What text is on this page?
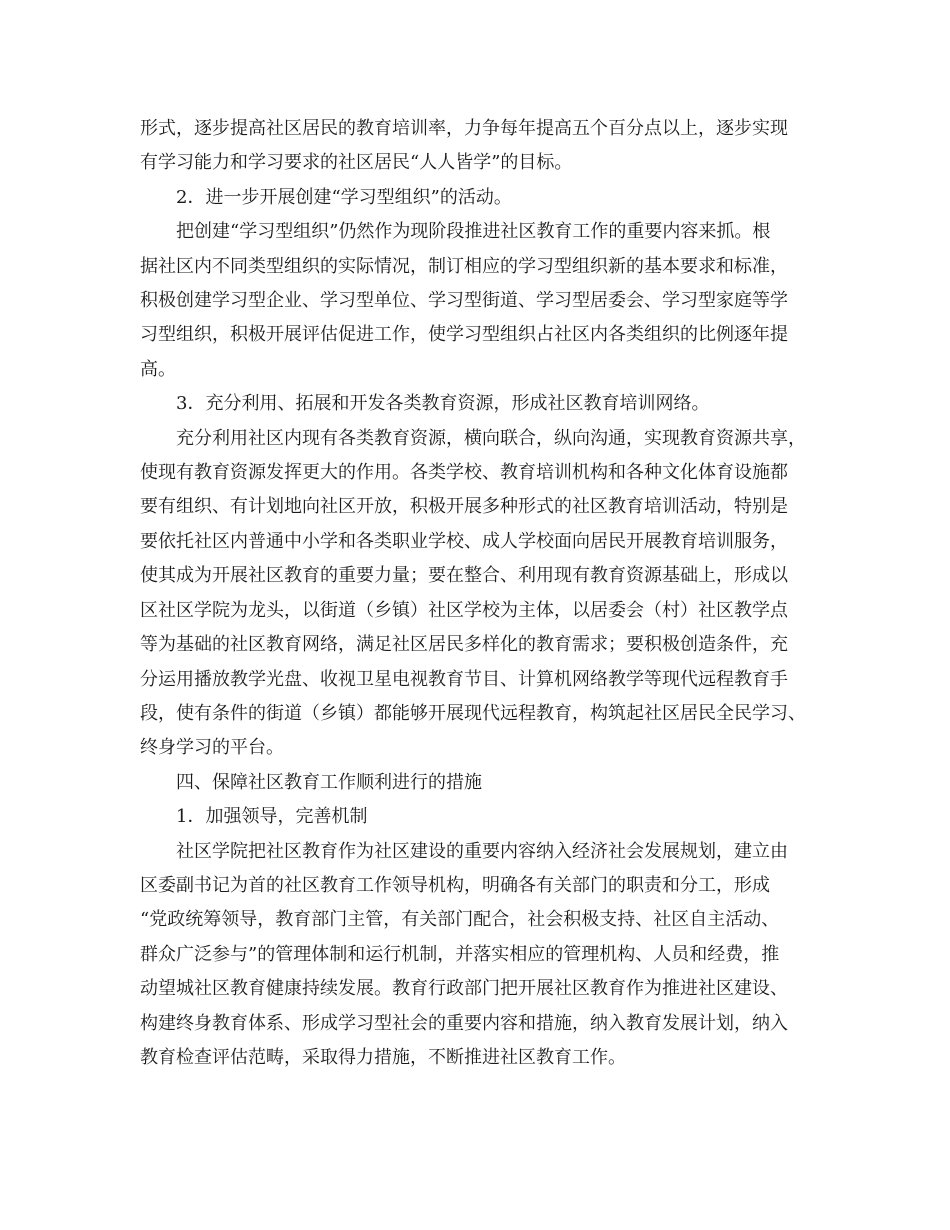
形式，逐步提高社区居民的教育培训率，力争每年提高五个百分点以上，逐步实现
有学习能力和学习要求的社区居民“人人皆学”的目标。

2．进一步开展创建“学习型组织”的活动。

把创建“学习型组织”仍然作为现阶段推进社区教育工作的重要内容来抓。根
据社区内不同类型组织的实际情况，制订相应的学习型组织新的基本要求和标准，
积极创建学习型企业、学习型单位、学习型街道、学习型居委会、学习型家庭等学
习型组织，积极开展评估促进工作，使学习型组织占社区内各类组织的比例逐年提
高。

3．充分利用、拓展和开发各类教育资源，形成社区教育培训网络。

充分利用社区内现有各类教育资源，横向联合，纵向沟通，实现教育资源共享，
使现有教育资源发挥更大的作用。各类学校、教育培训机构和各种文化体育设施都
要有组织、有计划地向社区开放，积极开展多种形式的社区教育培训活动，特别是
要依托社区内普通中小学和各类职业学校、成人学校面向居民开展教育培训服务，
使其成为开展社区教育的重要力量；要在整合、利用现有教育资源基础上，形成以
区社区学院为龙头，以街道（乡镇）社区学校为主体，以居委会（村）社区教学点
等为基础的社区教育网络，满足社区居民多样化的教育需求；要积极创造条件，充
分运用播放教学光盘、收视卫星电视教育节目、计算机网络教学等现代远程教育手
段，使有条件的街道（乡镇）都能够开展现代远程教育，构筑起社区居民全民学习、
终身学习的平台。

四、保障社区教育工作顺利进行的措施

1．加强领导，完善机制

社区学院把社区教育作为社区建设的重要内容纳入经济社会发展规划，建立由
区委副书记为首的社区教育工作领导机构，明确各有关部门的职责和分工，形成
“党政统筹领导，教育部门主管，有关部门配合，社会积极支持、社区自主活动、
群众广泛参与”的管理体制和运行机制，并落实相应的管理机构、人员和经费，推
动望城社区教育健康持续发展。教育行政部门把开展社区教育作为推进社区建设、
构建终身教育体系、形成学习型社会的重要内容和措施，纳入教育发展计划，纳入
教育检查评估范畴，采取得力措施，不断推进社区教育工作。
